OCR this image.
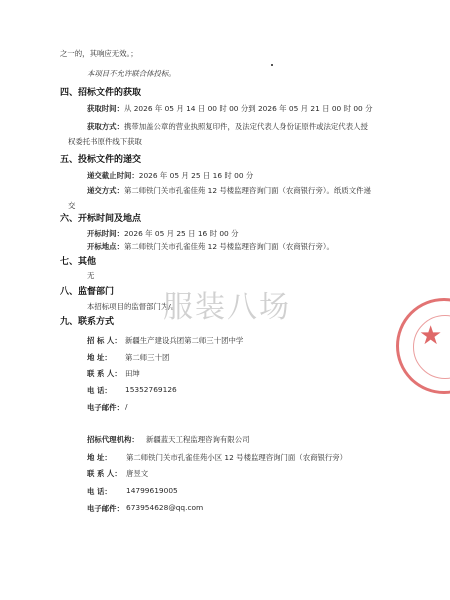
之一的，其响应无效。；
本项目不允许联合体投标。
四、招标文件的获取
获取时间：从 2026 年 05 月 14 日 00 时 00 分到 2026 年 05 月 21 日 00 时 00 分
获取方式：携带加盖公章的营业执照复印件，及法定代表人身份证原件或法定代表人授
权委托书原件线下获取
五、投标文件的递交
递交截止时间：2026 年 05 月 25 日 16 时 00 分
递交方式：第二师铁门关市孔雀佳苑 12 号楼监理咨询门面（农商银行旁）。纸质文件递
交
六、开标时间及地点
开标时间：2026 年 05 月 25 日 16 时 00 分
开标地点：第二师铁门关市孔雀佳苑 12 号楼监理咨询门面（农商银行旁）。
七、其他
无
八、监督部门
本招标项目的监督部门为/。
九、联系方式
招 标 人： 新疆生产建设兵团第二师三十团中学
地 址： 第二师三十团
联 系 人： 田坤
电 话： 15352769126
电子邮件： /
招标代理机构： 新疆蓝天工程监理咨询有限公司
地 址： 第二师铁门关市孔雀佳苑小区 12 号楼监理咨询门面（农商银行旁）
联 系 人： 唐昱文
电 话： 14799619005
电子邮件： 673954628@qq.com
服装八场
★
